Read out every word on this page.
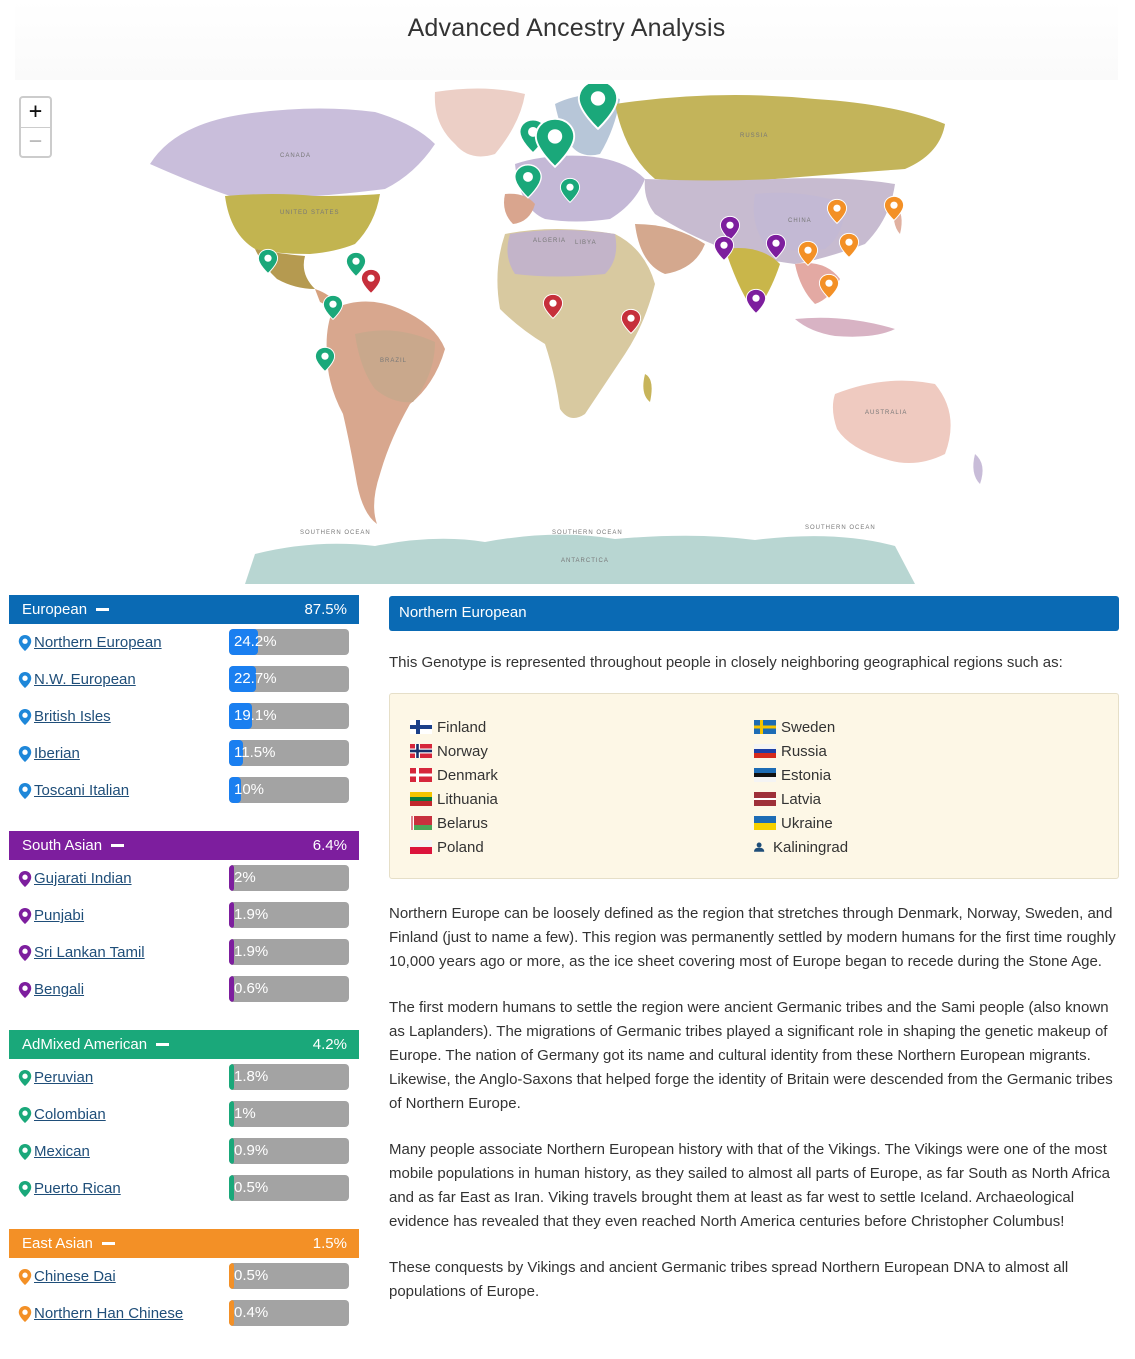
Advanced Ancestry Analysis
CANADA
UNITED STATES
RUSSIA
CHINA
ALGERIA LIBYA
BRAZIL
AUSTRALIA
SOUTHERN OCEAN	SOUTHERN OCEAN
SOUTHERN OCEAN
ANTARCTICA
+
−
European	87.5%
Northern European	24.2%
N.W. European	22.7%
British Isles	19.1%
Iberian	11.5%
Toscani Italian	10%
South Asian	6.4%
Gujarati Indian	2%
Punjabi	1.9%
Sri Lankan Tamil	1.9%
Bengali	0.6%
AdMixed American	4.2%
Peruvian	1.8%
Colombian	1%
Mexican	0.9%
Puerto Rican	0.5%
East Asian	1.5%
Chinese Dai	0.5%
Northern Han Chinese	0.4%
Northern European

This Genotype is represented throughout people in closely neighboring geographical regions such as:

Finland
Norway
Denmark
Lithuania
Belarus
Poland
Sweden
Russia
Estonia
Latvia
Ukraine
Kaliningrad

Northern Europe can be loosely defined as the region that stretches through Denmark, Norway, Sweden, and Finland (just to name a few). This region was permanently settled by modern humans for the first time roughly 10,000 years ago or more, as the ice sheet covering most of Europe began to recede during the Stone Age.

The first modern humans to settle the region were ancient Germanic tribes and the Sami people (also known as Laplanders). The migrations of Germanic tribes played a significant role in shaping the genetic makeup of Europe. The nation of Germany got its name and cultural identity from these Northern European migrants. Likewise, the Anglo-Saxons that helped forge the identity of Britain were descended from the Germanic tribes of Northern Europe.

Many people associate Northern European history with that of the Vikings. The Vikings were one of the most mobile populations in human history, as they sailed to almost all parts of Europe, as far South as North Africa and as far East as Iran. Viking travels brought them at least as far west to settle Iceland. Archaeological evidence has revealed that they even reached North America centuries before Christopher Columbus!

These conquests by Vikings and ancient Germanic tribes spread Northern European DNA to almost all populations of Europe.
